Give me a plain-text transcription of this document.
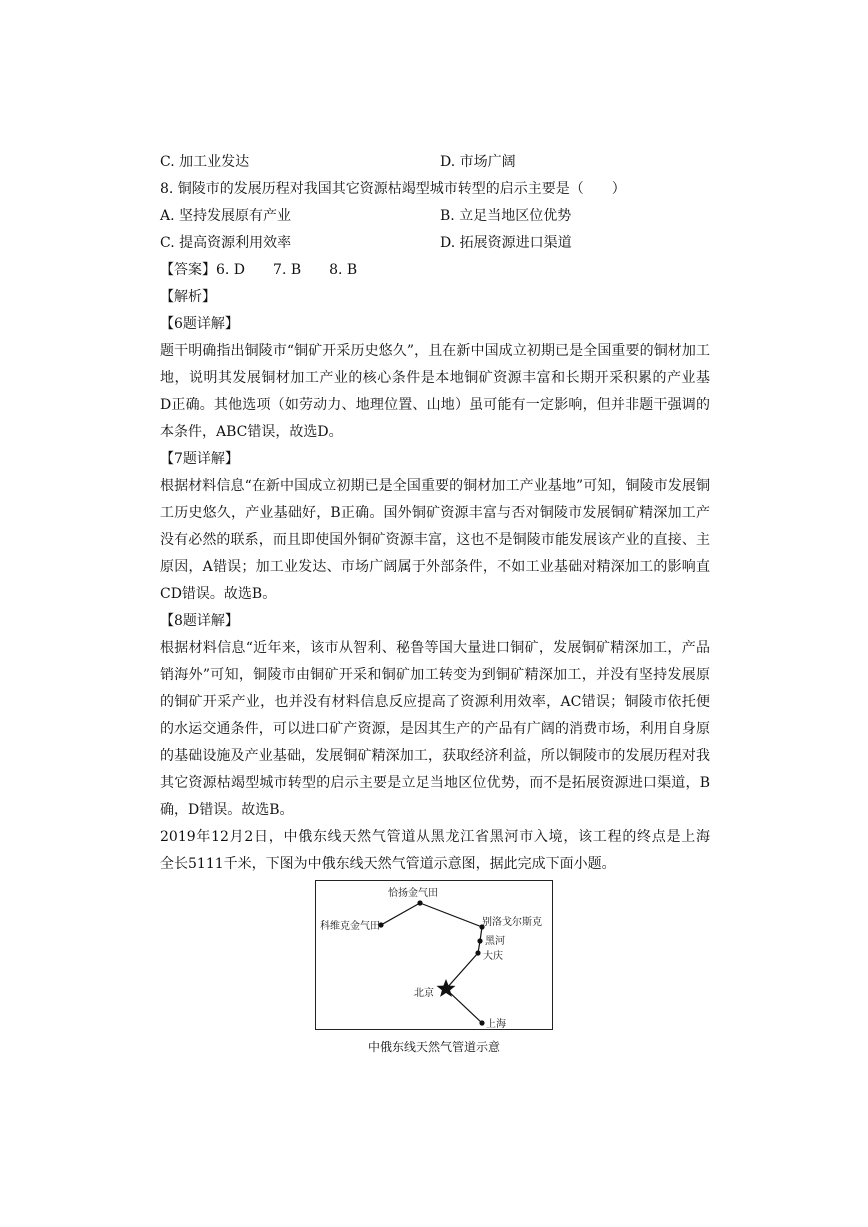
C. 加工业发达	D. 市场广阔
8. 铜陵市的发展历程对我国其它资源枯竭型城市转型的启示主要是（　　）
A. 坚持发展原有产业	B. 立足当地区位优势
C. 提高资源利用效率	D. 拓展资源进口渠道
【答案】6. D　　7. B　　8. B
【解析】
【6题详解】
题干明确指出铜陵市“铜矿开采历史悠久”，且在新中国成立初期已是全国重要的铜材加工
地，说明其发展铜材加工产业的核心条件是本地铜矿资源丰富和长期开采积累的产业基
D正确。其他选项（如劳动力、地理位置、山地）虽可能有一定影响，但并非题干强调的
本条件，ABC错误，故选D。
【7题详解】
根据材料信息“在新中国成立初期已是全国重要的铜材加工产业基地”可知，铜陵市发展铜
工历史悠久，产业基础好，B正确。国外铜矿资源丰富与否对铜陵市发展铜矿精深加工产
没有必然的联系，而且即使国外铜矿资源丰富，这也不是铜陵市能发展该产业的直接、主
原因，A错误；加工业发达、市场广阔属于外部条件，不如工业基础对精深加工的影响直
CD错误。故选B。
【8题详解】
根据材料信息“近年来，该市从智利、秘鲁等国大量进口铜矿，发展铜矿精深加工，产品
销海外”可知，铜陵市由铜矿开采和铜矿加工转变为到铜矿精深加工，并没有坚持发展原
的铜矿开采产业，也并没有材料信息反应提高了资源利用效率，AC错误；铜陵市依托便
的水运交通条件，可以进口矿产资源，是因其生产的产品有广阔的消费市场，利用自身原
的基础设施及产业基础，发展铜矿精深加工，获取经济利益，所以铜陵市的发展历程对我
其它资源枯竭型城市转型的启示主要是立足当地区位优势，而不是拓展资源进口渠道，B
确，D错误。故选B。
2019年12月2日，中俄东线天然气管道从黑龙江省黑河市入境，该工程的终点是上海
全长5111千米，下图为中俄东线天然气管道示意图，据此完成下面小题。
恰扬金气田
科维克金气田	别洛戈尔斯克
黑河
大庆
北京
上海
中俄东线天然气管道示意
